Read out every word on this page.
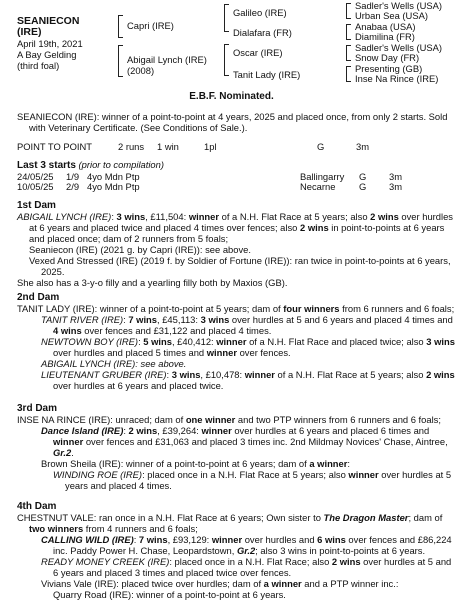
SEANIECON
(IRE)
April 19th, 2021
A Bay Gelding
(third foal)
Capri (IRE)
Abigail Lynch (IRE)
(2008)
Galileo (IRE)
Dialafara (FR)
Oscar (IRE)
Tanit Lady (IRE)
Sadler's Wells (USA)
Urban Sea (USA)
Anabaa (USA)
Diamilina (FR)
Sadler's Wells (USA)
Snow Day (FR)
Presenting (GB)
Inse Na Rince (IRE)
E.B.F. Nominated.

SEANIECON (IRE): winner of a point-to-point at 4 years, 2025 and placed once, from only 2 starts. Sold with Veterinary Certificate. (See Conditions of Sale.).

POINT TO POINT	2 runs 1 win	1pl	G	3m
Last 3 starts (prior to compilation)
24/05/25 1/9 4yo Mdn Ptp	Ballingarry G 3m
10/05/25 2/9 4yo Mdn Ptp	Necarne	G 3m

1st Dam

ABIGAIL LYNCH (IRE): 3 wins, £11,504: winner of a N.H. Flat Race at 5 years; also 2 wins over hurdles at 6 years and placed twice and placed 4 times over fences; also 2 wins in point-to-points at 6 years and placed once; dam of 2 runners from 5 foals;

Seaniecon (IRE) (2021 g. by Capri (IRE)): see above.

Vexed And Stressed (IRE) (2019 f. by Soldier of Fortune (IRE)): ran twice in point-to-points at 6 years, 2025.

She also has a 3-y-o filly and a yearling filly both by Maxios (GB).

2nd Dam

TANIT LADY (IRE): winner of a point-to-point at 5 years; dam of four winners from 6 runners and 6 foals;

TANIT RIVER (IRE): 7 wins, £45,113: 3 wins over hurdles at 5 and 6 years and placed 4 times and 4 wins over fences and £31,122 and placed 4 times.

NEWTOWN BOY (IRE): 5 wins, £40,412: winner of a N.H. Flat Race and placed twice; also 3 wins over hurdles and placed 5 times and winner over fences.

ABIGAIL LYNCH (IRE): see above.

LIEUTENANT GRUBER (IRE): 3 wins, £10,478: winner of a N.H. Flat Race at 5 years; also 2 wins over hurdles at 6 years and placed twice.

3rd Dam

INSE NA RINCE (IRE): unraced; dam of one winner and two PTP winners from 6 runners and 6 foals;

Dance Island (IRE): 2 wins, £39,264: winner over hurdles at 6 years and placed 6 times and winner over fences and £31,063 and placed 3 times inc. 2nd Mildmay Novices' Chase, Aintree, Gr.2.

Brown Sheila (IRE): winner of a point-to-point at 6 years; dam of a winner:

WINDING ROE (IRE): placed once in a N.H. Flat Race at 5 years; also winner over hurdles at 5 years and placed 4 times.

4th Dam

CHESTNUT VALE: ran once in a N.H. Flat Race at 6 years; Own sister to The Dragon Master; dam of two winners from 4 runners and 6 foals;

CALLING WILD (IRE): 7 wins, £93,129: winner over hurdles and 6 wins over fences and £86,224 inc. Paddy Power H. Chase, Leopardstown, Gr.2; also 3 wins in point-to-points at 6 years.

READY MONEY CREEK (IRE): placed once in a N.H. Flat Race; also 2 wins over hurdles at 5 and 6 years and placed 3 times and placed twice over fences.

Vivians Vale (IRE): placed twice over hurdles; dam of a winner and a PTP winner inc.:

Quarry Road (IRE): winner of a point-to-point at 6 years.
